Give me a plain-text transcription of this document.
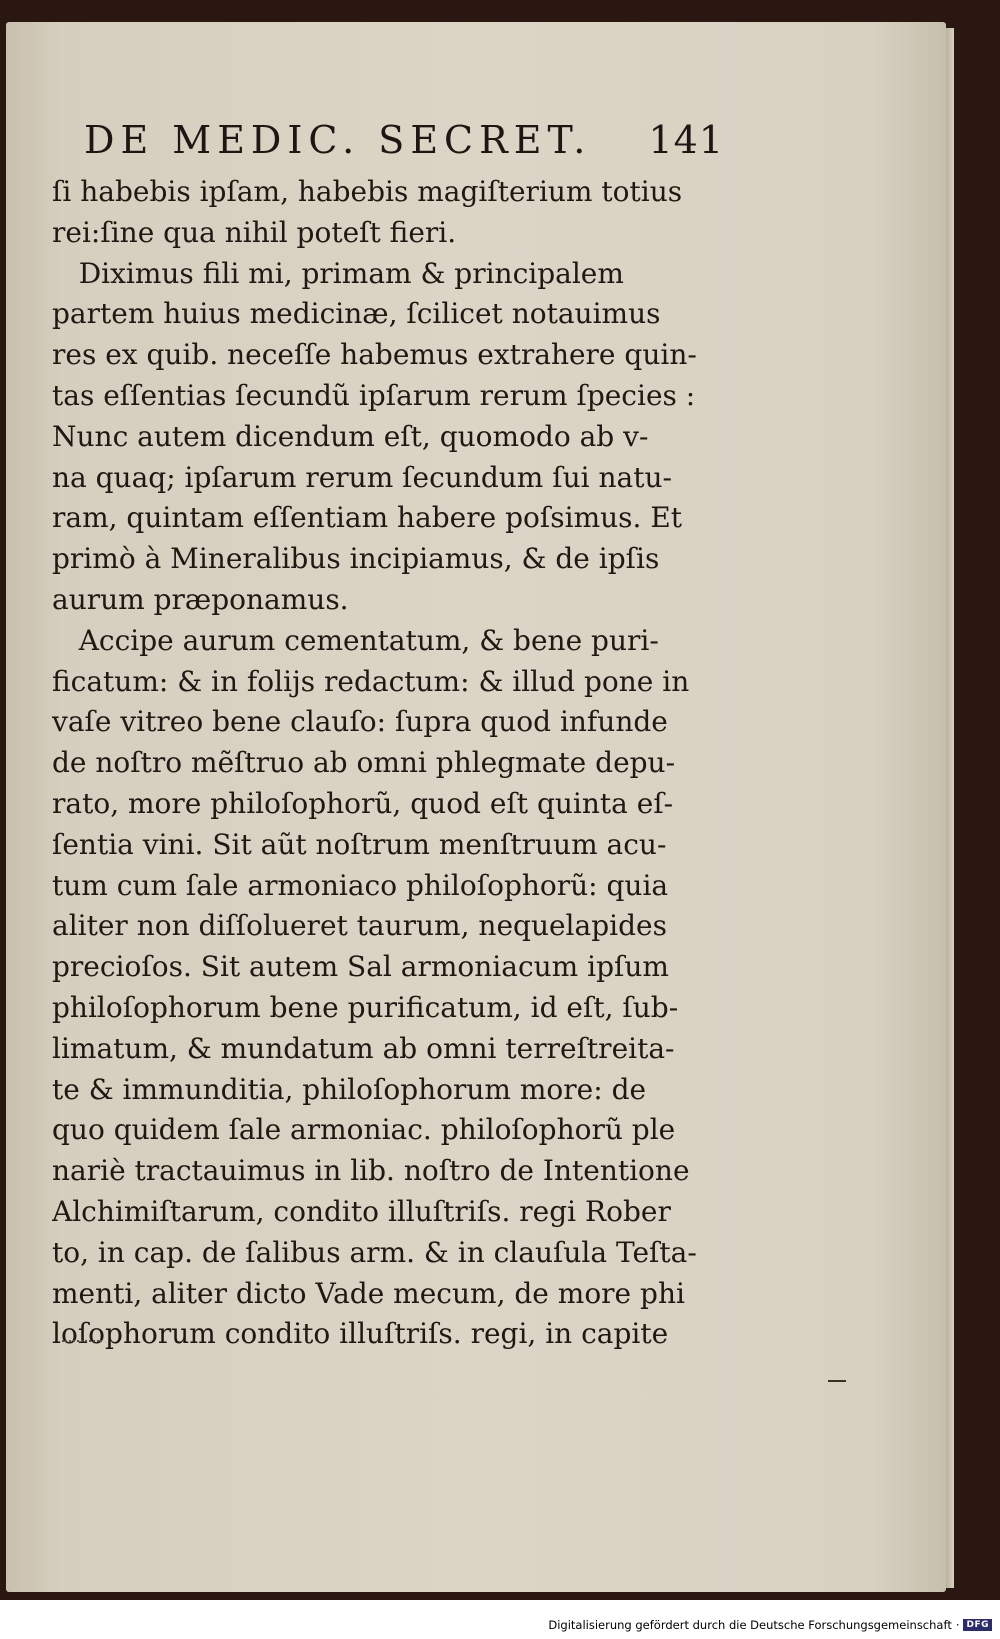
DE MEDIC. SECRET. 141
ſi habebis ipſam, habebis magiſterium totius
rei:ſine qua nihil poteſt fieri.
Diximus fili mi, primam & principalem
partem huius medicinæ, ſcilicet notauimus
res ex quib. neceſſe habemus extrahere quin-
tas eſſentias ſecundũ ipſarum rerum ſpecies :
Nunc autem dicendum eſt, quomodo ab v-
na quaq; ipſarum rerum ſecundum ſui natu-
ram, quintam eſſentiam habere poſsimus. Et
primò à Mineralibus incipiamus, & de ipſis
aurum præponamus.
Accipe aurum cementatum, & bene puri-
ficatum: & in folijs redactum: & illud pone in
vaſe vitreo bene clauſo: ſupra quod infunde
de noſtro mẽſtruo ab omni phlegmate depu-
rato, more philoſophorũ, quod eſt quinta eſ-
ſentia vini. Sit aũt noſtrum menſtruum acu-
tum cum ſale armoniaco philoſophorũ: quia
aliter non diſſolueret taurum, nequelapides
precioſos. Sit autem Sal armoniacum ipſum
philoſophorum bene purificatum, id eſt, ſub-
limatum, & mundatum ab omni terreſtreita-
te & immunditia, philoſophorum more: de
quo quidem ſale armoniac. philoſophorũ ple
nariè tractauimus in lib. noſtro de Intentione
Alchimiſtarum, condito illuſtriſs. regi Rober
to, in cap. de ſalibus arm. & in clauſula Teſta-
menti, aliter dicto Vade mecum, de more phi
loſophorum condito illuſtriſs. regi, in capite
Digitalisierung gefördert durch die Deutsche Forschungsgemeinschaft · DFG
